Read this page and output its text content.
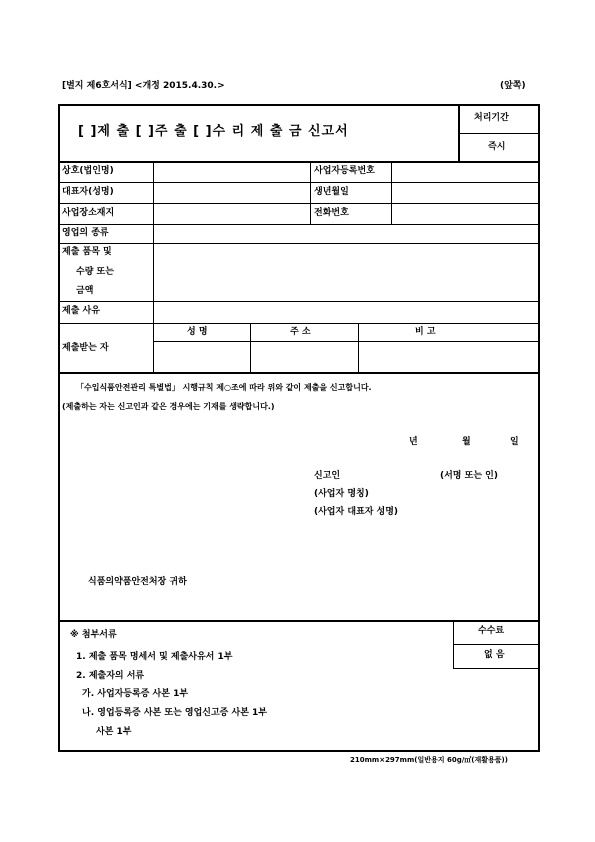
[별지 제6호서식] <개정 2015.4.30.>	(앞쪽)
[ ]제 출 [ ]주 출 [ ]수 리 제 출 금 신고서
처리기간
즉시
상호(법인명)	사업자등록번호
대표자(성명)	생년월일
사업장소재지	전화번호
영업의 종류
제출 품목 및
수량 또는
금액
제출 사유
제출받는 자
성 명	주 소	비 고
「수입식품안전관리 특별법」 시행규칙 제○조에 따라 위와 같이 제출을 신고합니다.
(제출하는 자는 신고인과 같은 경우에는 기재를 생략합니다.)
년	월	일
신고인	(서명 또는 인)
(사업자 명칭)
(사업자 대표자 성명)
식품의약품안전처장 귀하
※ 첨부서류
1. 제출 품목 명세서 및 제출사유서 1부
2. 제출자의 서류
가. 사업자등록증 사본 1부
나. 영업등록증 사본 또는 영업신고증 사본 1부
사본 1부
수수료
없 음
210mm×297mm(일반용지 60g/㎡(재활용품))
